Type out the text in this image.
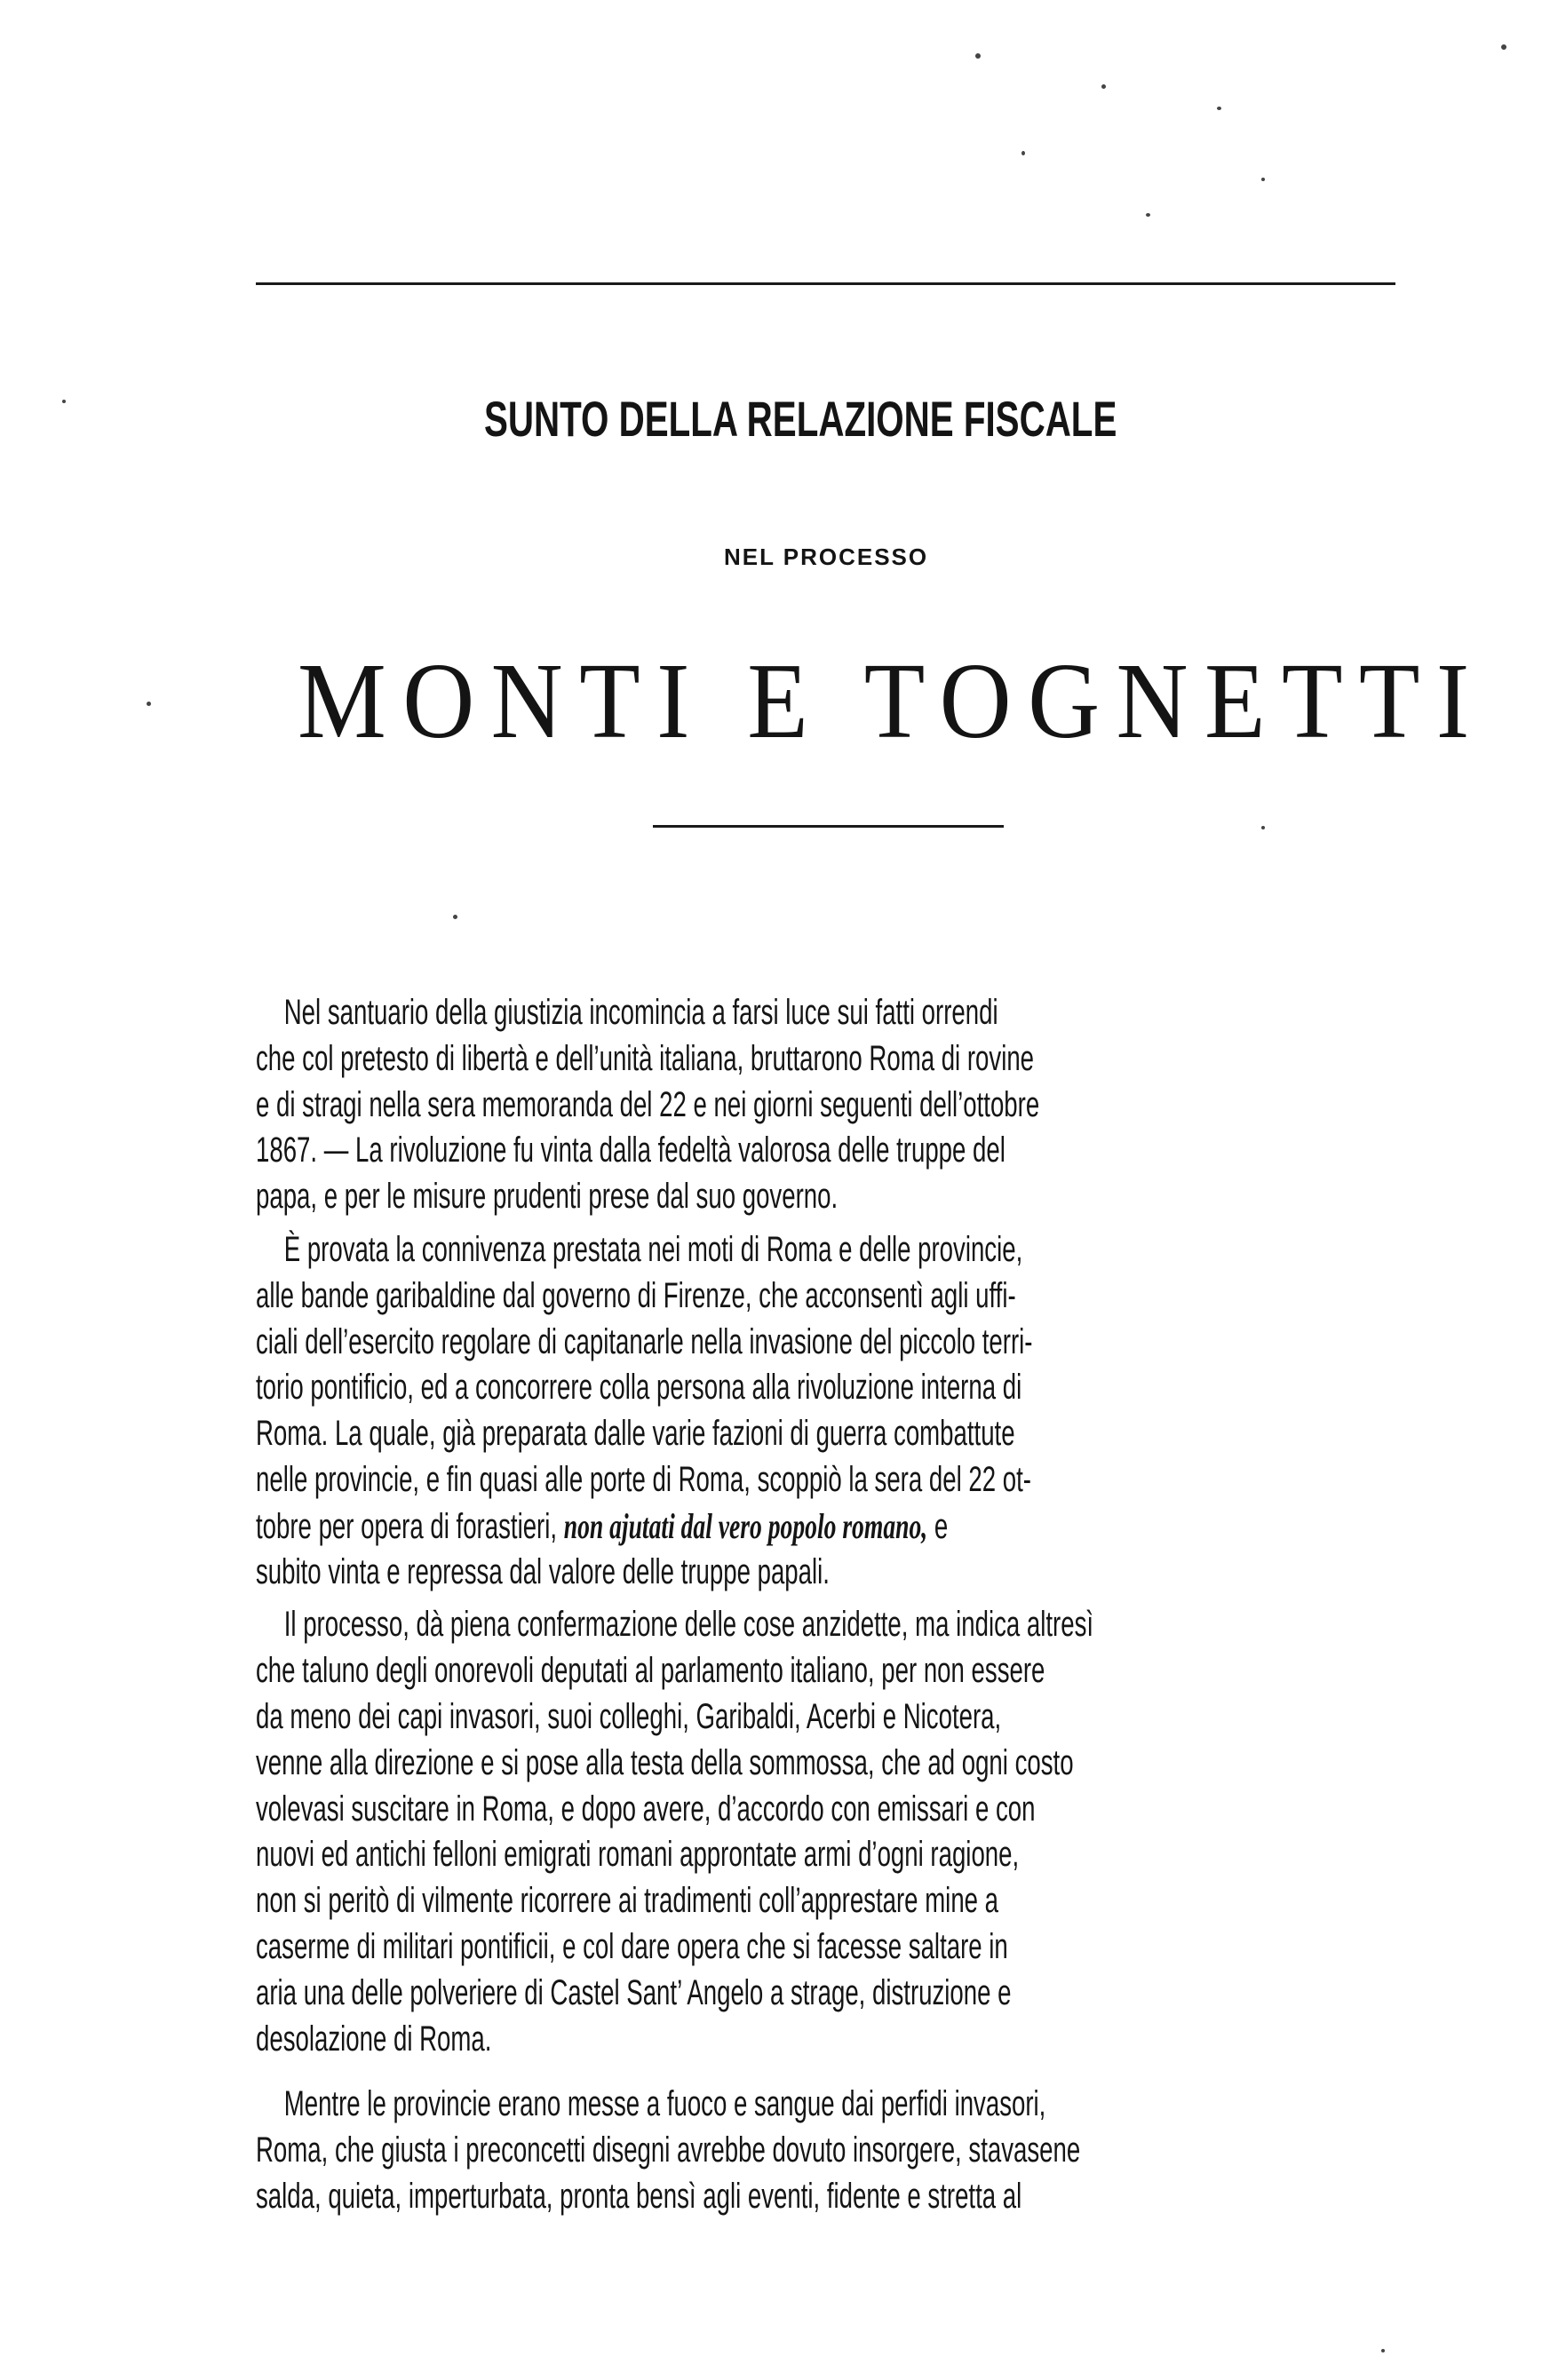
SUNTO DELLA RELAZIONE FISCALE
NEL PROCESSO
MONTI E TOGNETTI
Nel santuario della giustizia incomincia a farsi luce sui fatti orrendi
che col pretesto di libertà e dell’unità italiana, bruttarono Roma di rovine
e di stragi nella sera memoranda del 22 e nei giorni seguenti dell’ottobre
1867. — La rivoluzione fu vinta dalla fedeltà valorosa delle truppe del
papa, e per le misure prudenti prese dal suo governo.
È provata la connivenza prestata nei moti di Roma e delle provincie,
alle bande garibaldine dal governo di Firenze, che acconsentì agli uffi-
ciali dell’esercito regolare di capitanarle nella invasione del piccolo terri-
torio pontificio, ed a concorrere colla persona alla rivoluzione interna di
Roma. La quale, già preparata dalle varie fazioni di guerra combattute
nelle provincie, e fin quasi alle porte di Roma, scoppiò la sera del 22 ot-
tobre per opera di forastieri, non ajutati dal vero popolo romano, e
subito vinta e repressa dal valore delle truppe papali.
Il processo, dà piena confermazione delle cose anzidette, ma indica altresì
che taluno degli onorevoli deputati al parlamento italiano, per non essere
da meno dei capi invasori, suoi colleghi, Garibaldi, Acerbi e Nicotera,
venne alla direzione e si pose alla testa della sommossa, che ad ogni costo
volevasi suscitare in Roma, e dopo avere, d’accordo con emissari e con
nuovi ed antichi felloni emigrati romani approntate armi d’ogni ragione,
non si peritò di vilmente ricorrere ai tradimenti coll’apprestare mine a
caserme di militari pontificii, e col dare opera che si facesse saltare in
aria una delle polveriere di Castel Sant’ Angelo a strage, distruzione e
desolazione di Roma.
Mentre le provincie erano messe a fuoco e sangue dai perfidi invasori,
Roma, che giusta i preconcetti disegni avrebbe dovuto insorgere, stavasene
salda, quieta, imperturbata, pronta bensì agli eventi, fidente e stretta al
